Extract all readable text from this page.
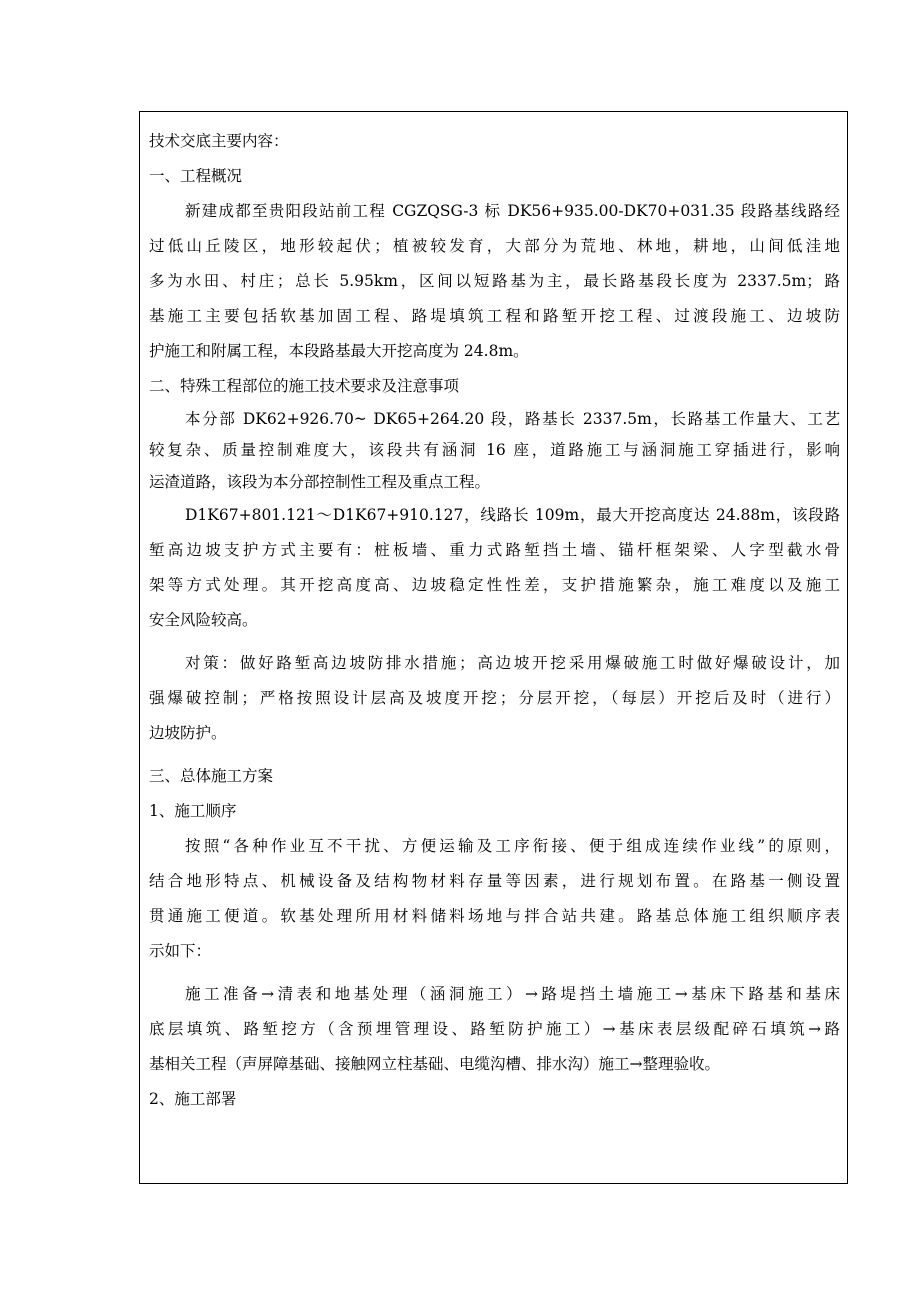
技术交底主要内容：
一、工程概况
新建成都至贵阳段站前工程 CGZQSG-3 标 DK56+935.00-DK70+031.35 段路基线路经
过低山丘陵区，地形较起伏；植被较发育，大部分为荒地、林地，耕地，山间低洼地
多为水田、村庄；总长 5.95km，区间以短路基为主，最长路基段长度为 2337.5m；路
基施工主要包括软基加固工程、路堤填筑工程和路堑开挖工程、过渡段施工、边坡防
护施工和附属工程，本段路基最大开挖高度为 24.8m。
二、特殊工程部位的施工技术要求及注意事项
本分部 DK62+926.70~ DK65+264.20 段，路基长 2337.5m，长路基工作量大、工艺
较复杂、质量控制难度大，该段共有涵洞 16 座，道路施工与涵洞施工穿插进行，影响
运渣道路，该段为本分部控制性工程及重点工程。
D1K67+801.121～D1K67+910.127，线路长 109m，最大开挖高度达 24.88m，该段路
堑高边坡支护方式主要有：桩板墙、重力式路堑挡土墙、锚杆框架梁、人字型截水骨
架等方式处理。其开挖高度高、边坡稳定性性差，支护措施繁杂，施工难度以及施工
安全风险较高。
对策：做好路堑高边坡防排水措施；高边坡开挖采用爆破施工时做好爆破设计，加
强爆破控制；严格按照设计层高及坡度开挖；分层开挖，（每层）开挖后及时（进行）
边坡防护。
三、总体施工方案
1、施工顺序
按照“各种作业互不干扰、方便运输及工序衔接、便于组成连续作业线”的原则，
结合地形特点、机械设备及结构物材料存量等因素，进行规划布置。在路基一侧设置
贯通施工便道。软基处理所用材料储料场地与拌合站共建。路基总体施工组织顺序表
示如下：
施工准备→清表和地基处理（涵洞施工）→路堤挡土墙施工→基床下路基和基床
底层填筑、路堑挖方（含预埋管理设、路堑防护施工）→基床表层级配碎石填筑→路
基相关工程（声屏障基础、接触网立柱基础、电缆沟槽、排水沟）施工→整理验收。
2、施工部署
